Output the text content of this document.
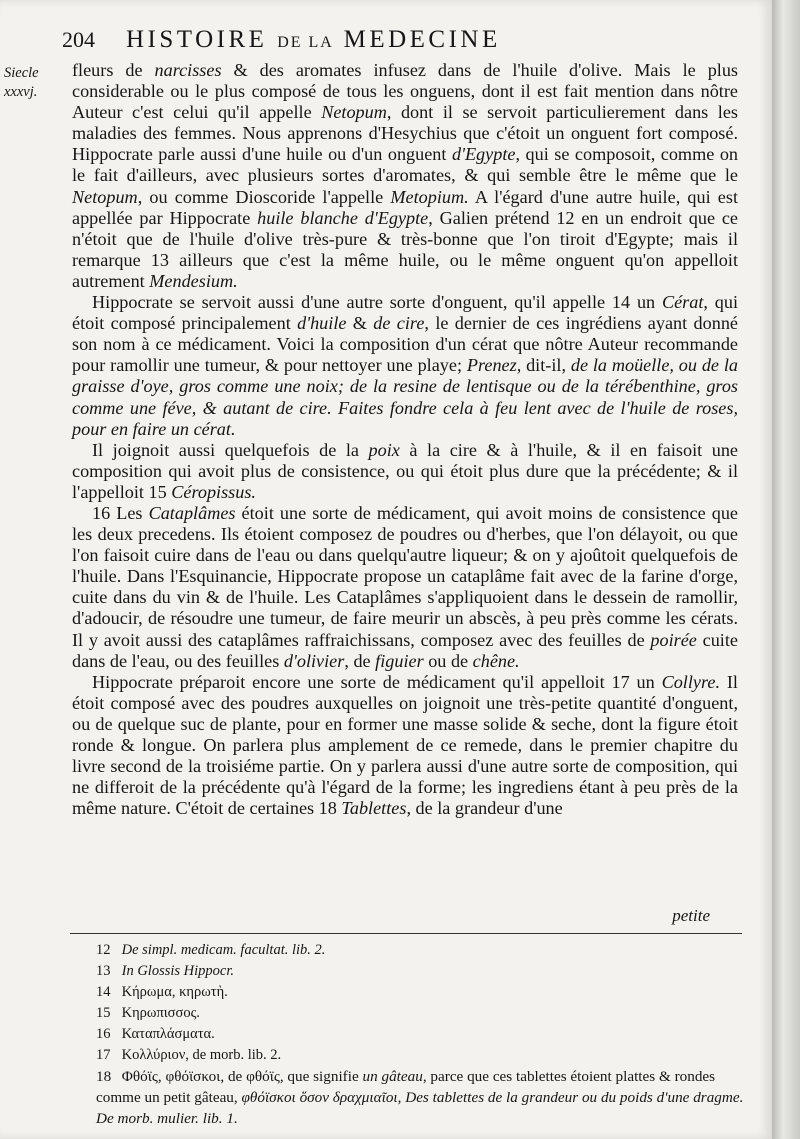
204	HISTOIRE DE LA MEDECINE
Siecle
xxxvj.

fleurs de narcisses & des aromates infusez dans de l'huile d'olive. Mais le plus considerable ou le plus composé de tous les onguens, dont il est fait mention dans nôtre Auteur c'est celui qu'il appelle Netopum, dont il se servoit particulierement dans les maladies des femmes. Nous apprenons d'Hesychius que c'étoit un onguent fort composé. Hippocrate parle aussi d'une huile ou d'un onguent d'Egypte, qui se composoit, comme on le fait d'ailleurs, avec plusieurs sortes d'aromates, & qui semble être le même que le Netopum, ou comme Dioscoride l'appelle Metopium. A l'égard d'une autre huile, qui est appellée par Hippocrate huile blanche d'Egypte, Galien prétend 12 en un endroit que ce n'étoit que de l'huile d'olive très-pure & très-bonne que l'on tiroit d'Egypte; mais il remarque 13 ailleurs que c'est la même huile, ou le même onguent qu'on appelloit autrement Mendesium.

Hippocrate se servoit aussi d'une autre sorte d'onguent, qu'il appelle 14 un Cérat, qui étoit composé principalement d'huile & de cire, le dernier de ces ingrédiens ayant donné son nom à ce médicament. Voici la composition d'un cérat que nôtre Auteur recommande pour ramollir une tumeur, & pour nettoyer une playe; Prenez, dit-il, de la moüelle, ou de la graisse d'oye, gros comme une noix; de la resine de lentisque ou de la térébenthine, gros comme une féve, & autant de cire. Faites fondre cela à feu lent avec de l'huile de roses, pour en faire un cérat.

Il joignoit aussi quelquefois de la poix à la cire & à l'huile, & il en faisoit une composition qui avoit plus de consistence, ou qui étoit plus dure que la précédente; & il l'appelloit 15 Céropissus.

16 Les Cataplâmes étoit une sorte de médicament, qui avoit moins de consistence que les deux precedens. Ils étoient composez de poudres ou d'herbes, que l'on délayoit, ou que l'on faisoit cuire dans de l'eau ou dans quelqu'autre liqueur; & on y ajoûtoit quelquefois de l'huile. Dans l'Esquinancie, Hippocrate propose un cataplâme fait avec de la farine d'orge, cuite dans du vin & de l'huile. Les Cataplâmes s'appliquoient dans le dessein de ramollir, d'adoucir, de résoudre une tumeur, de faire meurir un abscès, à peu près comme les cérats. Il y avoit aussi des cataplâmes raffraichissans, composez avec des feuilles de poirée cuite dans de l'eau, ou des feuilles d'olivier, de figuier ou de chêne.

Hippocrate préparoit encore une sorte de médicament qu'il appelloit 17 un Collyre. Il étoit composé avec des poudres auxquelles on joignoit une très-petite quantité d'onguent, ou de quelque suc de plante, pour en former une masse solide & seche, dont la figure étoit ronde & longue. On parlera plus amplement de ce remede, dans le premier chapitre du livre second de la troisiéme partie. On y parlera aussi d'une autre sorte de composition, qui ne differoit de la précédente qu'à l'égard de la forme; les ingrediens étant à peu près de la même nature. C'étoit de certaines 18 Tablettes, de la grandeur d'une

petite
12 De simpl. medicam. facultat. lib. 2.
13 In Glossis Hippocr.
14 Κήρωμα, κηρωτὴ.
15 Κηρωπισσος.
16 Καταπλάσματα.
17 Κολλύριον, de morb. lib. 2.
18 Φθόϊς, φθόϊσκοι, de φθόϊς, que signifie un gâteau, parce que ces tablettes étoient plattes & rondes comme un petit gâteau, φθόϊσκοι ὅσον δραχμιαῖοι, Des tablettes de la grandeur ou du poids d'une dragme. De morb. mulier. lib. 1.
